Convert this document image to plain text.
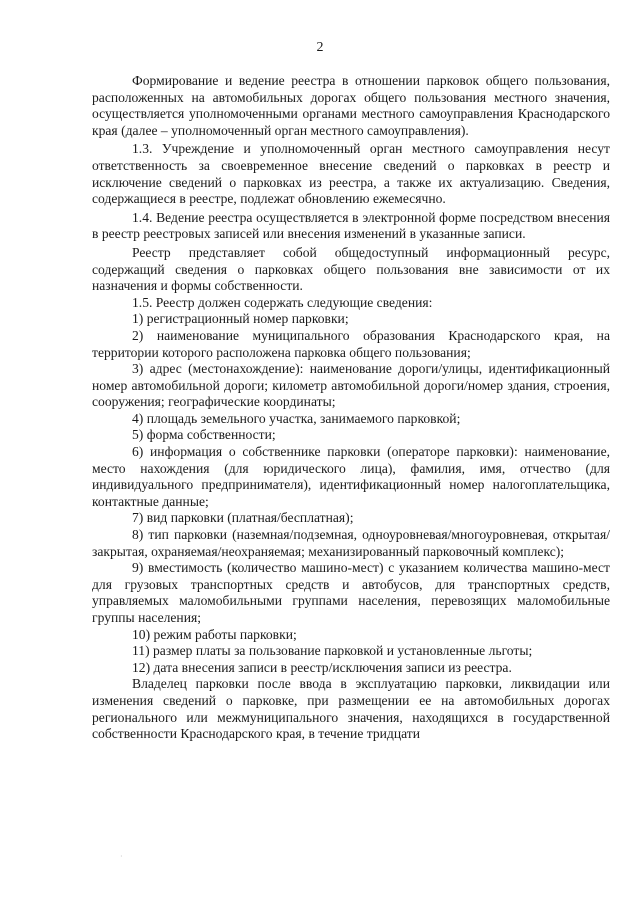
2

Формирование и ведение реестра в отношении парковок общего пользования, расположенных на автомобильных дорогах общего пользования местного значения, осуществляется уполномоченными органами местного самоуправления Краснодарского края (далее – уполномоченный орган местного самоуправления).

1.3. Учреждение и уполномоченный орган местного самоуправления несут ответственность за своевременное внесение сведений о парковках в реестр и исключение сведений о парковках из реестра, а также их актуализацию. Сведения, содержащиеся в реестре, подлежат обновлению ежемесячно.

1.4. Ведение реестра осуществляется в электронной форме посредством внесения в реестр реестровых записей или внесения изменений в указанные записи.

Реестр представляет собой общедоступный информационный ресурс, содержащий сведения о парковках общего пользования вне зависимости от их назначения и формы собственности.

1.5. Реестр должен содержать следующие сведения:

1) регистрационный номер парковки;

2) наименование муниципального образования Краснодарского края, на территории которого расположена парковка общего пользования;

3) адрес (местонахождение): наименование дороги/улицы, идентификационный номер автомобильной дороги; километр автомобильной дороги/номер здания, строения, сооружения; географические координаты;

4) площадь земельного участка, занимаемого парковкой;

5) форма собственности;

6) информация о собственнике парковки (операторе парковки): наименование, место нахождения (для юридического лица), фамилия, имя, отчество (для индивидуального предпринимателя), идентификационный номер налогоплательщика, контактные данные;

7) вид парковки (платная/бесплатная);

8) тип парковки (наземная/подземная, одноуровневая/многоуровневая, открытая/закрытая, охраняемая/неохраняемая; механизированный парковочный комплекс);

9) вместимость (количество машино-мест) с указанием количества машино-мест для грузовых транспортных средств и автобусов, для транспортных средств, управляемых маломобильными группами населения, перевозящих маломобильные группы населения;

10) режим работы парковки;

11) размер платы за пользование парковкой и установленные льготы;

12) дата внесения записи в реестр/исключения записи из реестра.

Владелец парковки после ввода в эксплуатацию парковки, ликвидации или изменения сведений о парковке, при размещении ее на автомобильных дорогах регионального или межмуниципального значения, находящихся в государственной собственности Краснодарского края, в течение тридцати

·
